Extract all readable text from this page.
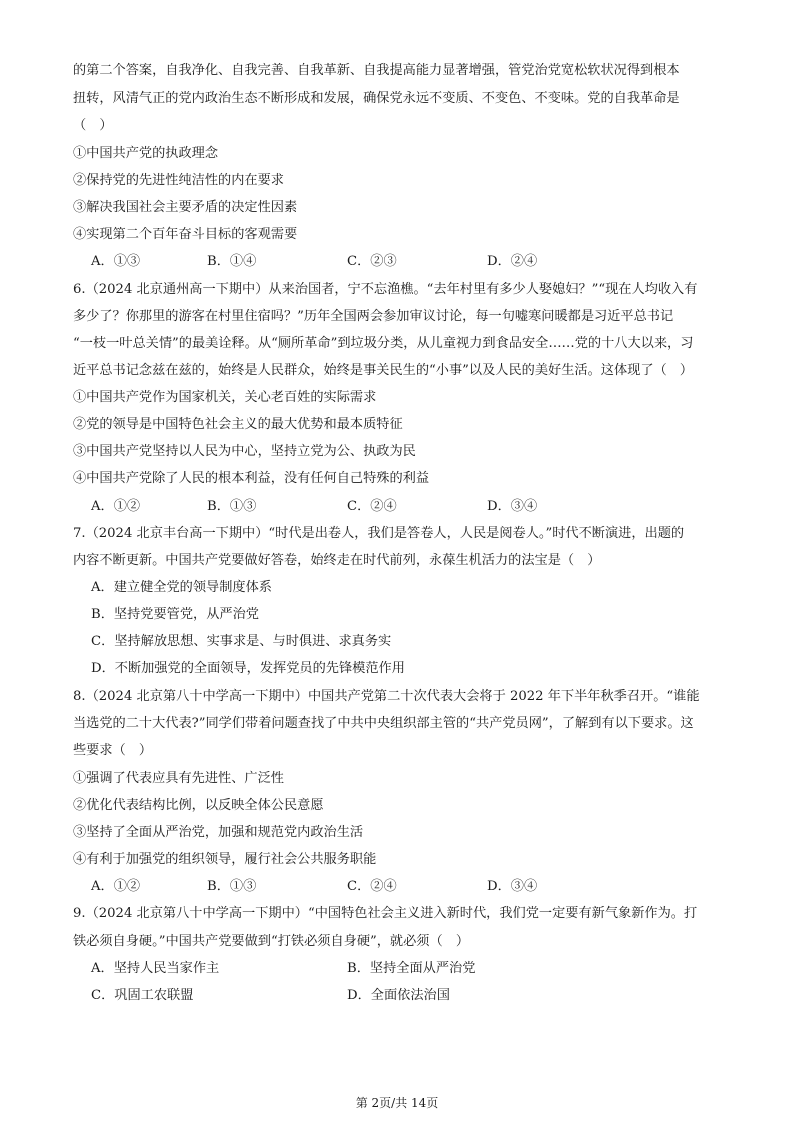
的第二个答案，自我净化、自我完善、自我革新、自我提高能力显著增强，管党治党宽松软状况得到根本
扭转，风清气正的党内政治生态不断形成和发展，确保党永远不变质、不变色、不变味。党的自我革命是
（　）
①中国共产党的执政理念
②保持党的先进性纯洁性的内在要求
③解决我国社会主要矛盾的决定性因素
④实现第二个百年奋斗目标的客观需要
A．①③	B．①④	C．②③	D．②④
6.（2024 北京通州高一下期中）从来治国者，宁不忘渔樵。“去年村里有多少人娶媳妇？”“现在人均收入有
多少了？你那里的游客在村里住宿吗？”历年全国两会参加审议讨论，每一句嘘寒问暖都是习近平总书记
“一枝一叶总关情”的最美诠释。从“厕所革命”到垃圾分类，从儿童视力到食品安全……党的十八大以来，习
近平总书记念兹在兹的，始终是人民群众，始终是事关民生的“小事”以及人民的美好生活。这体现了（　）
①中国共产党作为国家机关，关心老百姓的实际需求
②党的领导是中国特色社会主义的最大优势和最本质特征
③中国共产党坚持以人民为中心，坚持立党为公、执政为民
④中国共产党除了人民的根本利益，没有任何自己特殊的利益
A．①②	B．①③	C．②④	D．③④
7.（2024 北京丰台高一下期中）“时代是出卷人，我们是答卷人，人民是阅卷人。”时代不断演进，出题的
内容不断更新。中国共产党要做好答卷，始终走在时代前列，永葆生机活力的法宝是（　）
A．建立健全党的领导制度体系
B．坚持党要管党，从严治党
C．坚持解放思想、实事求是、与时俱进、求真务实
D．不断加强党的全面领导，发挥党员的先锋模范作用
8.（2024 北京第八十中学高一下期中）中国共产党第二十次代表大会将于 2022 年下半年秋季召开。“谁能
当选党的二十大代表?”同学们带着问题查找了中共中央组织部主管的“共产党员网”，了解到有以下要求。这
些要求（　）
①强调了代表应具有先进性、广泛性
②优化代表结构比例，以反映全体公民意愿
③坚持了全面从严治党，加强和规范党内政治生活
④有利于加强党的组织领导，履行社会公共服务职能
A．①②	B．①③	C．②④	D．③④
9.（2024 北京第八十中学高一下期中）“中国特色社会主义进入新时代，我们党一定要有新气象新作为。打
铁必须自身硬。”中国共产党要做到“打铁必须自身硬”，就必须（　）
A．坚持人民当家作主	B．坚持全面从严治党
C．巩固工农联盟	D．全面依法治国
第 2页/共 14页
